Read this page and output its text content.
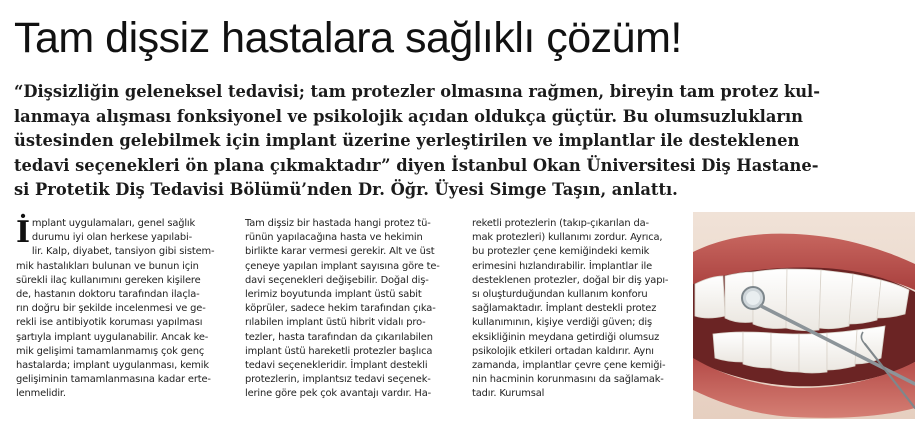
Tam dişsiz hastalara sağlıklı çözüm!
“Dişsizliğin geleneksel tedavisi; tam protezler olmasına rağmen, bireyin tam protez kul-
lanmaya alışması fonksiyonel ve psikolojik açıdan oldukça güçtür. Bu olumsuzlukların
üstesinden gelebilmek için implant üzerine yerleştirilen ve implantlar ile desteklenen
tedavi seçenekleri ön plana çıkmaktadır” diyen İstanbul Okan Üniversitesi Diş Hastane-
si Protetik Diş Tedavisi Bölümü’nden Dr. Öğr. Üyesi Simge Taşın, anlattı.
İ mplant uygulamaları, genel sağlık
durumu iyi olan herkese yapılabi-
lir. Kalp, diyabet, tansiyon gibi sistem-
mik hastalıkları bulunan ve bunun için
sürekli ilaç kullanımını gereken kişilere
de, hastanın doktoru tarafından ilaçla-
rın doğru bir şekilde incelenmesi ve ge-
rekli ise antibiyotik koruması yapılması
şartıyla implant uygulanabilir. Ancak ke-
mik gelişimi tamamlanmamış çok genç
hastalarda; implant uygulanması, kemik
gelişiminin tamamlanmasına kadar erte-
lenmelidir.
Tam dişsiz bir hastada hangi protez tü-
rünün yapılacağına hasta ve hekimin
birlikte karar vermesi gerekir. Alt ve üst
çeneye yapılan implant sayısına göre te-
davi seçenekleri değişebilir. Doğal diş-
lerimiz boyutunda implant üstü sabit
köprüler, sadece hekim tarafından çıka-
rılabilen implant üstü hibrit vidalı pro-
tezler, hasta tarafından da çıkarılabilen
implant üstü hareketli protezler başlıca
tedavi seçenekleridir. İmplant destekli
protezlerin, implantsız tedavi seçenek-
lerine göre pek çok avantajı vardır. Ha-
reketli protezlerin (takıp-çıkarılan da-
mak protezleri) kullanımı zordur. Ayrıca,
bu protezler çene kemiğindeki kemik
erimesini hızlandırabilir. İmplantlar ile
desteklenen protezler, doğal bir diş yapı-
sı oluşturduğundan kullanım konforu
sağlamaktadır. İmplant destekli protez
kullanımının, kişiye verdiği güven; diş
eksikliğinin meydana getirdiği olumsuz
psikolojik etkileri ortadan kaldırır. Aynı
zamanda, implantlar çevre çene kemiği-
nin hacminin korunmasını da sağlamak-
tadır. Kurumsal
